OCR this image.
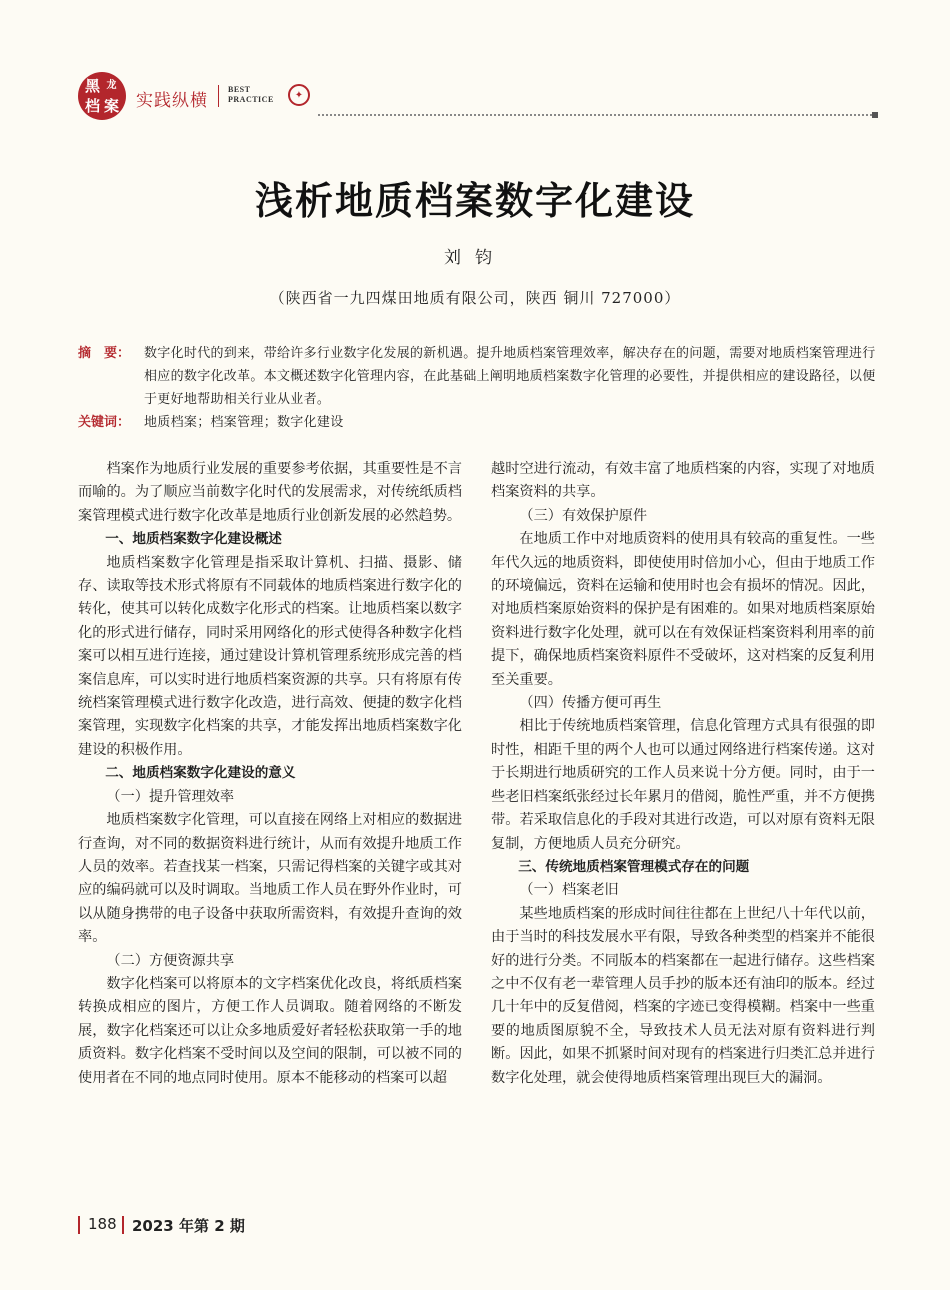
黑 龙
档 案 实践纵横
BEST
PRACTICE	✦
浅析地质档案数字化建设
刘钧
（陕西省一九四煤田地质有限公司，陕西 铜川 727000）
摘　要：	数字化时代的到来，带给许多行业数字化发展的新机遇。提升地质档案管理效率，解决存在的问题，需要对地质档案管理进行相应的数字化改革。本文概述数字化管理内容，在此基础上阐明地质档案数字化管理的必要性，并提供相应的建设路径，以便于更好地帮助相关行业从业者。
关键词：	地质档案；档案管理；数字化建设

档案作为地质行业发展的重要参考依据，其重要性是不言而喻的。为了顺应当前数字化时代的发展需求，对传统纸质档案管理模式进行数字化改革是地质行业创新发展的必然趋势。

一、地质档案数字化建设概述

地质档案数字化管理是指采取计算机、扫描、摄影、储存、读取等技术形式将原有不同载体的地质档案进行数字化的转化，使其可以转化成数字化形式的档案。让地质档案以数字化的形式进行储存，同时采用网络化的形式使得各种数字化档案可以相互进行连接，通过建设计算机管理系统形成完善的档案信息库，可以实时进行地质档案资源的共享。只有将原有传统档案管理模式进行数字化改造，进行高效、便捷的数字化档案管理，实现数字化档案的共享，才能发挥出地质档案数字化建设的积极作用。

二、地质档案数字化建设的意义
（一）提升管理效率

地质档案数字化管理，可以直接在网络上对相应的数据进行查询，对不同的数据资料进行统计，从而有效提升地质工作人员的效率。若查找某一档案，只需记得档案的关键字或其对应的编码就可以及时调取。当地质工作人员在野外作业时，可以从随身携带的电子设备中获取所需资料，有效提升查询的效率。

（二）方便资源共享

数字化档案可以将原本的文字档案优化改良，将纸质档案转换成相应的图片，方便工作人员调取。随着网络的不断发展，数字化档案还可以让众多地质爱好者轻松获取第一手的地质资料。数字化档案不受时间以及空间的限制，可以被不同的使用者在不同的地点同时使用。原本不能移动的档案可以超

越时空进行流动，有效丰富了地质档案的内容，实现了对地质档案资料的共享。

（三）有效保护原件

在地质工作中对地质资料的使用具有较高的重复性。一些年代久远的地质资料，即使使用时倍加小心，但由于地质工作的环境偏远，资料在运输和使用时也会有损坏的情况。因此，对地质档案原始资料的保护是有困难的。如果对地质档案原始资料进行数字化处理，就可以在有效保证档案资料利用率的前提下，确保地质档案资料原件不受破坏，这对档案的反复利用至关重要。

（四）传播方便可再生

相比于传统地质档案管理，信息化管理方式具有很强的即时性，相距千里的两个人也可以通过网络进行档案传递。这对于长期进行地质研究的工作人员来说十分方便。同时，由于一些老旧档案纸张经过长年累月的借阅，脆性严重，并不方便携带。若采取信息化的手段对其进行改造，可以对原有资料无限复制，方便地质人员充分研究。

三、传统地质档案管理模式存在的问题
（一）档案老旧

某些地质档案的形成时间往往都在上世纪八十年代以前，由于当时的科技发展水平有限，导致各种类型的档案并不能很好的进行分类。不同版本的档案都在一起进行储存。这些档案之中不仅有老一辈管理人员手抄的版本还有油印的版本。经过几十年中的反复借阅，档案的字迹已变得模糊。档案中一些重要的地质图原貌不全，导致技术人员无法对原有资料进行判断。因此，如果不抓紧时间对现有的档案进行归类汇总并进行数字化处理，就会使得地质档案管理出现巨大的漏洞。

188 2023 年第 2 期
